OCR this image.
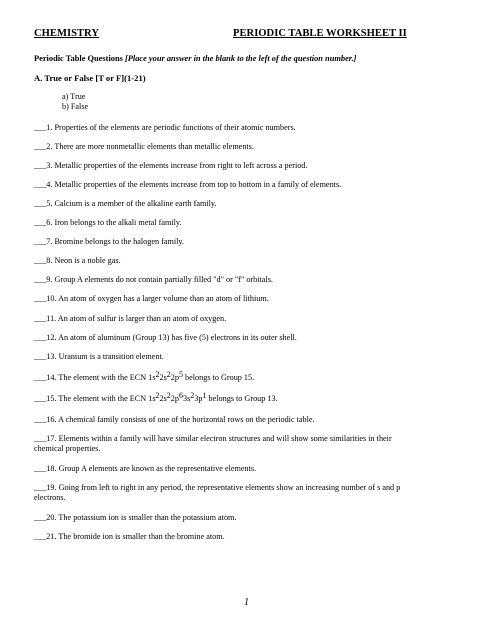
CHEMISTRY	PERIODIC TABLE WORKSHEET II
Periodic Table Questions [Place your answer in the blank to the left of the question number.]
A. True or False [T or F](1-21)
a) True
b) False
___1. Properties of the elements are periodic functions of their atomic numbers.
___2. There are more nonmetallic elements than metallic elements.
___3. Metallic properties of the elements increase from right to left across a period.
___4. Metallic properties of the elements increase from top to bottom in a family of elements.
___5. Calcium is a member of the alkaline earth family.
___6. Iron belongs to the alkali metal family.
___7. Bromine belongs to the halogen family.
___8. Neon is a noble gas.
___9. Group A elements do not contain partially filled "d" or "f" orbitals.
___10. An atom of oxygen has a larger volume than an atom of lithium.
___11. An atom of sulfur is larger than an atom of oxygen.
___12. An atom of aluminum (Group 13) has five (5) electrons in its outer shell.
___13. Uranium is a transition element.
___14. The element with the ECN 1s22s22p5 belongs to Group 15.
___15. The element with the ECN 1s22s22p63s23p1 belongs to Group 13.
___16. A chemical family consists of one of the horizontal rows on the periodic table.
___17. Elements within a family will have similar electron structures and will show some similarities in their
chemical properties.
___18. Group A elements are known as the representative elements.
___19. Going from left to right in any period, the representative elements show an increasing number of s and p
electrons.
___20. The potassium ion is smaller than the potassium atom.
___21. The bromide ion is smaller than the bromine atom.
1
